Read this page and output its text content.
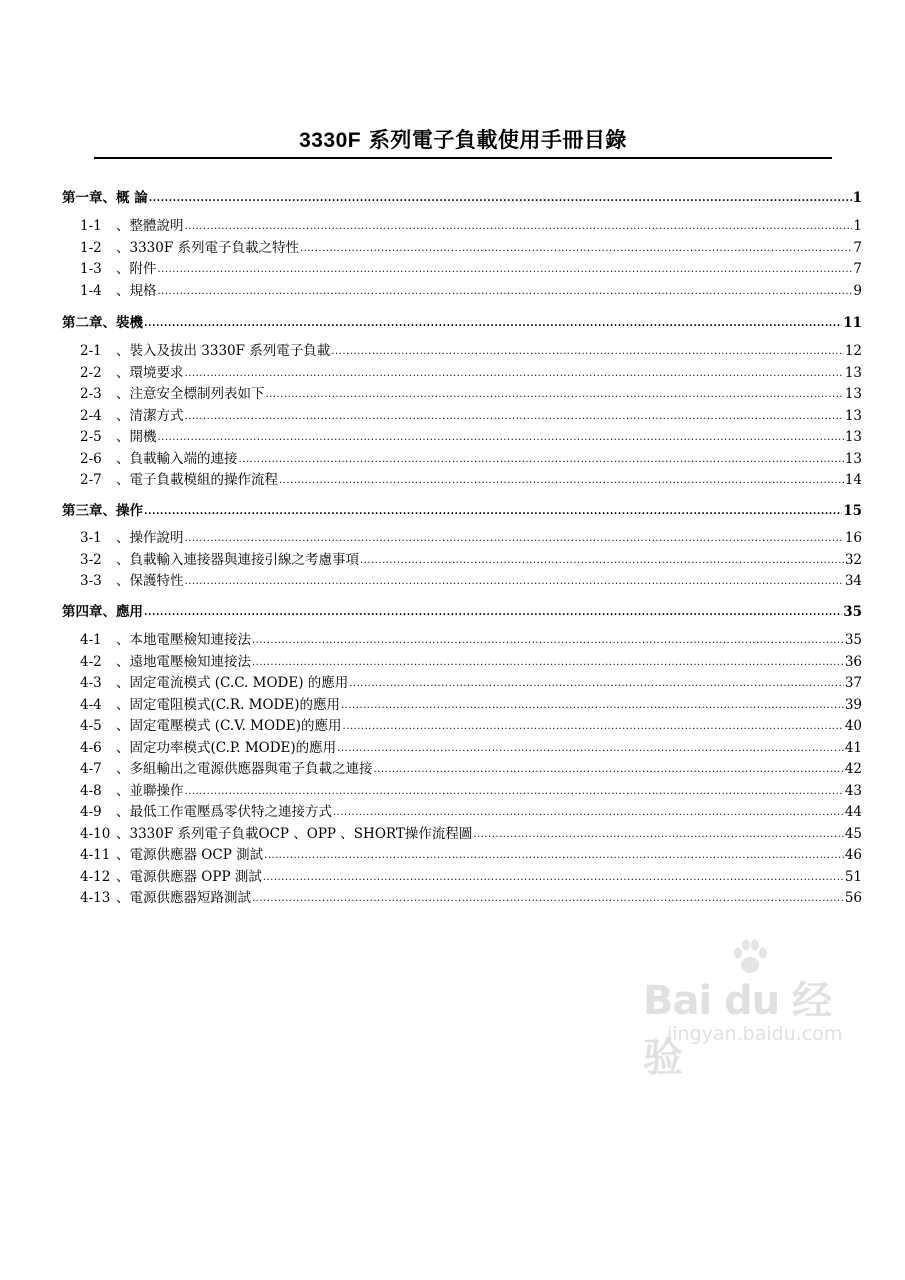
3330F 系列電子負載使用手冊目錄
第一章、概 論 .....	1
1-1 、整體說明 .....	1
1-2 、3330F 系列電子負載之特性 .....	7
1-3 、附件 .....	7
1-4 、規格 .....	9
第二章、裝機 .....	11
2-1 、裝入及拔出 3330F 系列電子負載 .....	12
2-2 、環境要求 .....	13
2-3 、注意安全標制列表如下 .....	13
2-4 、清潔方式 .....	13
2-5 、開機 .....	13
2-6 、負載輸入端的連接 .....	13
2-7 、電子負載模組的操作流程 .....	14
第三章、操作 .....	15
3-1 、操作說明 .....	16
3-2 、負載輸入連接器與連接引線之考慮事項 .....	32
3-3 、保護特性 .....	34
第四章、應用 .....	35
4-1 、本地電壓檢知連接法 .....	35
4-2 、遠地電壓檢知連接法 .....	36
4-3 、固定電流模式 (C.C. MODE) 的應用 .....	37
4-4 、固定電阻模式(C.R. MODE)的應用 .....	39
4-5 、固定電壓模式 (C.V. MODE)的應用 .....	40
4-6 、固定功率模式(C.P. MODE)的應用 .....	41
4-7 、多組輸出之電源供應器與電子負載之連接 .....	42
4-8 、並聯操作 .....	43
4-9 、最低工作電壓爲零伏特之連接方式 .....	44
4-10 、3330F 系列電子負載OCP 、OPP 、SHORT操作流程圖 .....	45
4-11 、電源供應器 OCP 測試 .....	46
4-12 、電源供應器 OPP 測試 .....	51
4-13 、電源供應器短路測試 .....	56
Bai du 经验
jingyan.baidu.com
